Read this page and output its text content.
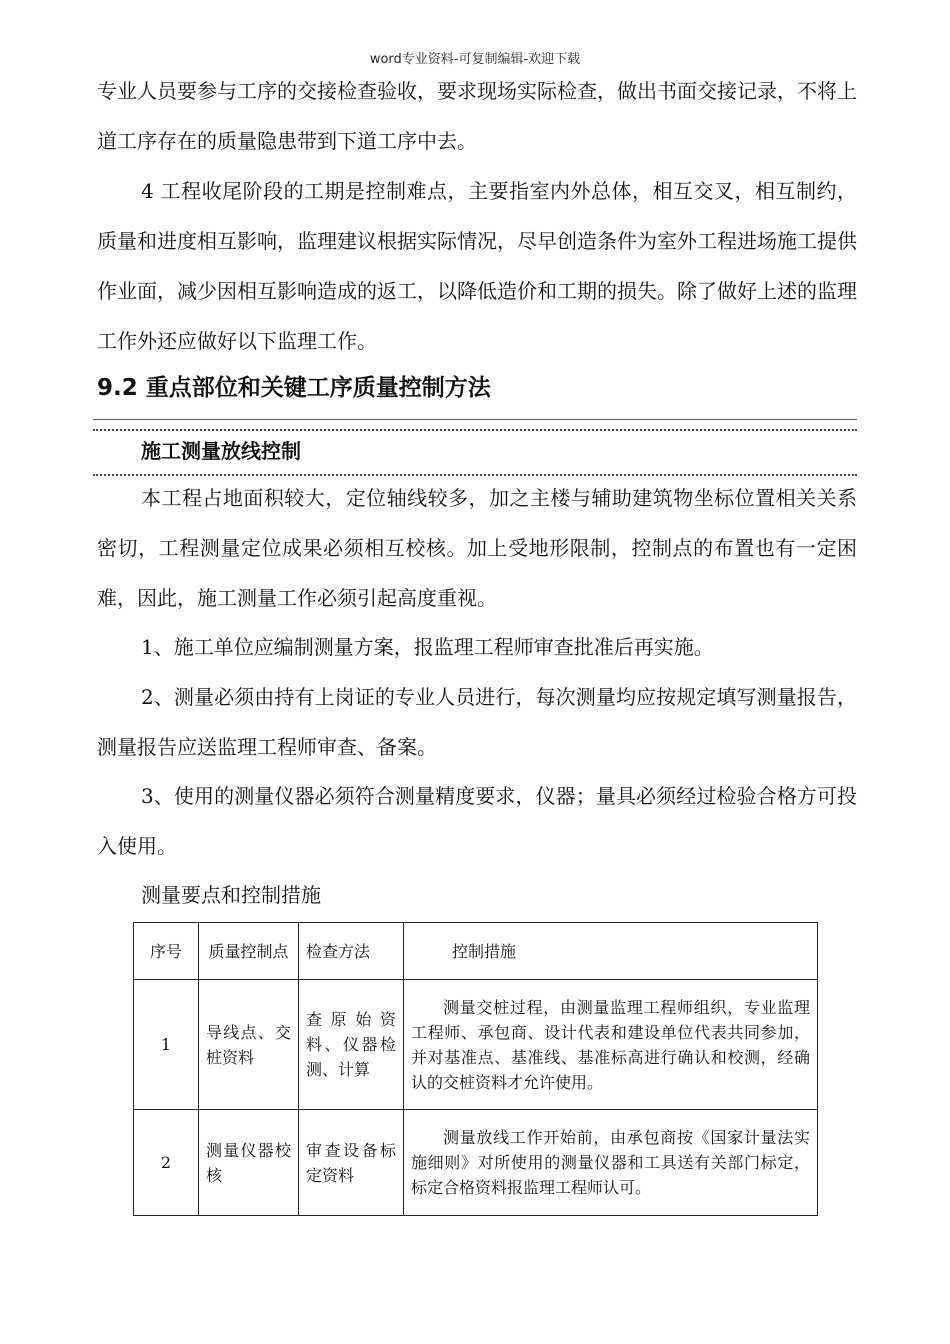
word专业资料-可复制编辑-欢迎下载

专业人员要参与工序的交接检查验收，要求现场实际检查，做出书面交接记录，不将上道工序存在的质量隐患带到下道工序中去。

4 工程收尾阶段的工期是控制难点，主要指室内外总体，相互交叉，相互制约，质量和进度相互影响，监理建议根据实际情况，尽早创造条件为室外工程进场施工提供作业面，减少因相互影响造成的返工，以降低造价和工期的损失。除了做好上述的监理工作外还应做好以下监理工作。

9.2 重点部位和关键工序质量控制方法
施工测量放线控制

本工程占地面积较大，定位轴线较多，加之主楼与辅助建筑物坐标位置相关关系密切，工程测量定位成果必须相互校核。加上受地形限制，控制点的布置也有一定困难，因此，施工测量工作必须引起高度重视。

1、施工单位应编制测量方案，报监理工程师审查批准后再实施。

2、测量必须由持有上岗证的专业人员进行，每次测量均应按规定填写测量报告，测量报告应送监理工程师审查、备案。

3、使用的测量仪器必须符合测量精度要求，仪器；量具必须经过检验合格方可投入使用。

测量要点和控制措施

序号	质量控制点	检查方法	控制措施
1	导线点、交桩资料	查原始资料、仪器检测、计算	测量交桩过程，由测量监理工程师组织，专业监理工程师、承包商、设计代表和建设单位代表共同参加，并对基准点、基准线、基准标高进行确认和校测，经确认的交桩资料才允许使用。
2	测量仪器校核	审查设备标定资料	测量放线工作开始前，由承包商按《国家计量法实施细则》对所使用的测量仪器和工具送有关部门标定，标定合格资料报监理工程师认可。
